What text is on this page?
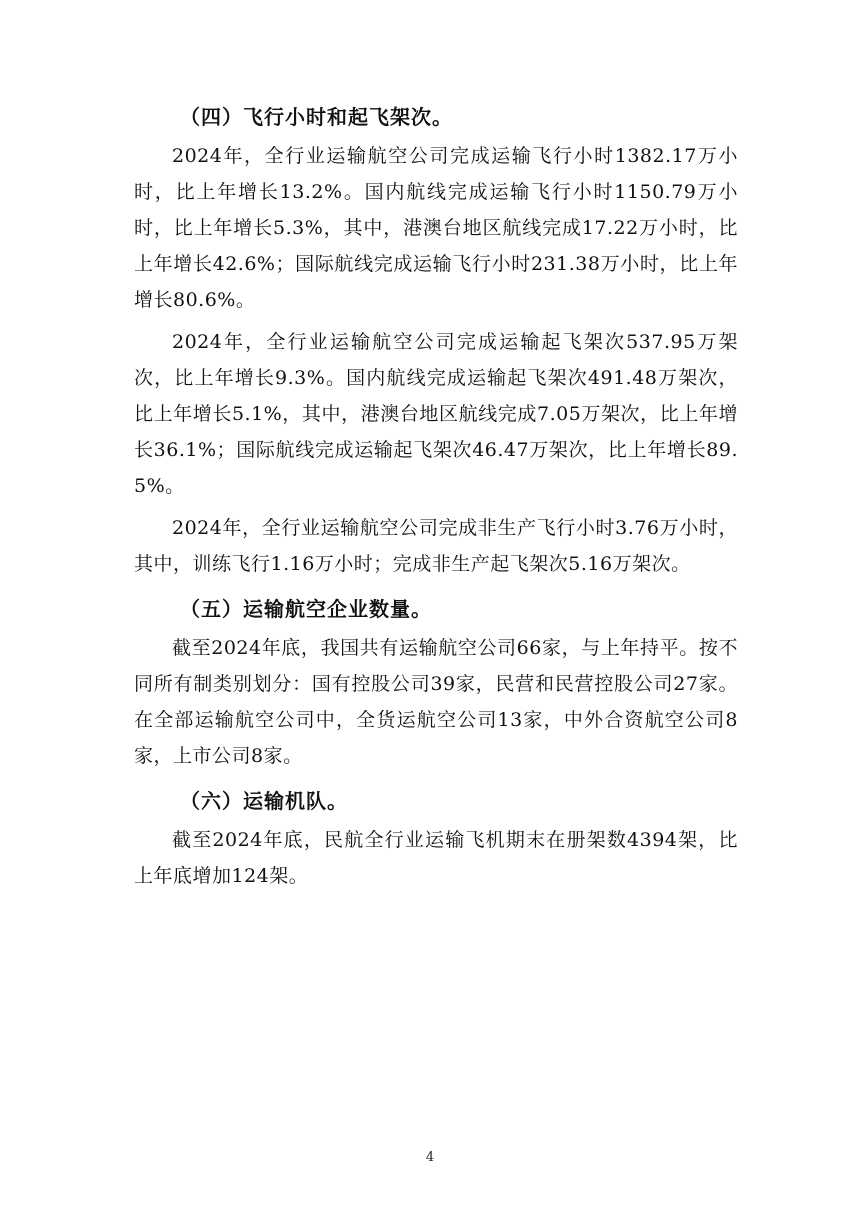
（四）飞行小时和起飞架次。

2024年，全行业运输航空公司完成运输飞行小时1382.17万小时，比上年增长13.2%。国内航线完成运输飞行小时1150.79万小时，比上年增长5.3%，其中，港澳台地区航线完成17.22万小时，比上年增长42.6%；国际航线完成运输飞行小时231.38万小时，比上年增长80.6%。

2024年，全行业运输航空公司完成运输起飞架次537.95万架次，比上年增长9.3%。国内航线完成运输起飞架次491.48万架次，比上年增长5.1%，其中，港澳台地区航线完成7.05万架次，比上年增长36.1%；国际航线完成运输起飞架次46.47万架次，比上年增长89.5%。

2024年，全行业运输航空公司完成非生产飞行小时3.76万小时，其中，训练飞行1.16万小时；完成非生产起飞架次5.16万架次。

（五）运输航空企业数量。

截至2024年底，我国共有运输航空公司66家，与上年持平。按不同所有制类别划分：国有控股公司39家，民营和民营控股公司27家。在全部运输航空公司中，全货运航空公司13家，中外合资航空公司8家，上市公司8家。

（六）运输机队。

截至2024年底，民航全行业运输飞机期末在册架数4394架，比上年底增加124架。

4
